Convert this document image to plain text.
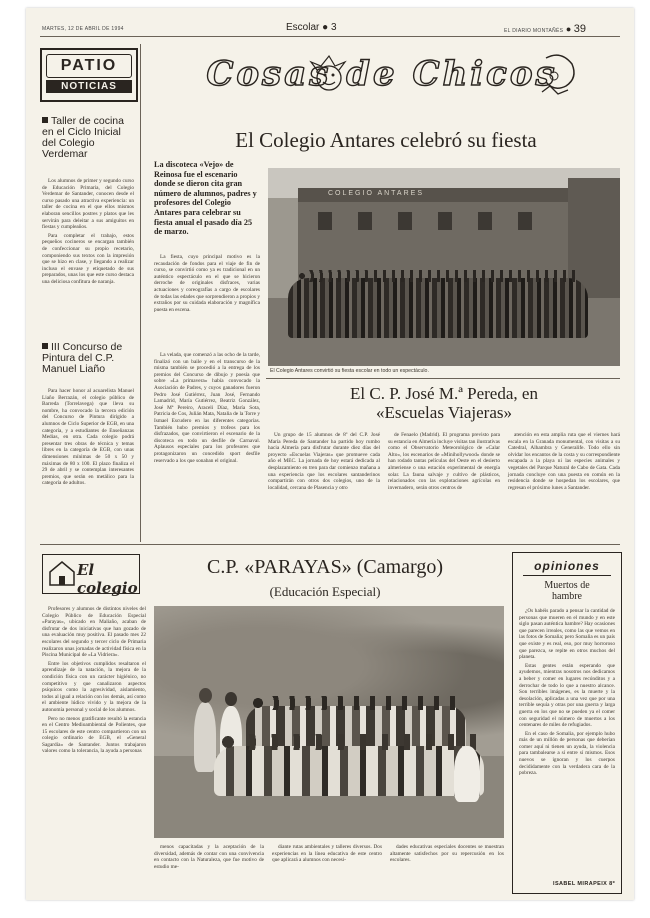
MARTES, 12 DE ABRIL DE 1994	Escolar ● 3	EL DIARIO MONTAÑÉS ● 39
PATIO
NOTICIAS
Taller de cocina en el Ciclo Inicial del Colegio Verdemar

Los alumnos de primer y segundo curso de Educación Primaria, del Colegio Verdemar de Santander, conocen desde el curso pasado una atractiva experiencia: un taller de cocina en el que ellos mismos elaboran sencillos postres y platos que les servirán para deleitar a sus amiguitos en fiestas y cumpleaños.

Para completar el trabajo, estos pequeños cocineros se encargan también de confeccionar su propio recetario, componiendo sus textos con la impresión que se hizo en clase, y llegando a realizar incluso el envase y etiquetado de sus preparados, unas los que este curso destaca una deliciosa confitura de naranja.

III Concurso de Pintura del C.P. Manuel Liaño

Para hacer honor al acuarelista Manuel Liaño Berrazán, el colegio público de Barreda (Torrelavega) que lleva su nombre, ha convocado la tercera edición del Concurso de Pintura dirigido a alumnos de Ciclo Superior de EGB, en una categoría, y a estudiantes de Enseñanzas Medias, en otra. Cada colegio podrá presentar tres obras de técnica y temas libres en la categoría de EGB, con unas dimensiones mínimas de 50 x 50 y máximas de 80 x 100. El plazo finaliza el 29 de abril y se contemplan interesantes premios, que serán en metálico para la categoría de adultos.

Cosas de Chicos
El Colegio Antares celebró su fiesta
La discoteca «Vejo» de Reinosa fue el escenario donde se dieron cita gran número de alumnos, padres y profesores del Colegio Antares para celebrar su fiesta anual el pasado día 25 de marzo.

La fiesta, cuyo principal motivo es la recaudación de fondos para el viaje de fin de curso, se convirtió como ya es tradicional en un auténtico espectáculo en el que se hicieron derroche de originales disfraces, varias actuaciones y coreografías a cargo de escolares de todas las edades que sorprendieron a propios y extraños por su cuidada elaboración y magnífica puesta en escena.

La velada, que comenzó a las ocho de la tarde, finalizó con un baile y en el transcurso de la misma también se procedió a la entrega de los premios del Concurso de dibujo y poesía que sobre «La primavera» había convocado la Asociación de Padres, y cuyos ganadores fueron Pedro José Gutiérrez, Juan José, Fernando Lamadrid, María Gutiérrez, Beatriz González, José Mª Pereiro, Araceli Díaz, María Sota, Patricia de Cos, Julián Mata, Natalia de la Torre y Ismael Escudero en las diferentes categorías. También hubo premios y trofeos para los disfrazados, que convirtieron el escenario de la discoteca en todo un desfile de Carnaval. Aplausos especiales para los profesores que protagonizaron un concedido sport desfile reservado a los que sonaban el original.

COLEGIO ANTARES
El Colegio Antares convirtió su fiesta escolar en todo un espectáculo.
El C. P. José M.ª Pereda, en
«Escuelas Viajeras»

Un grupo de 15 alumnos de 8º del C.P. José María Pereda de Santander ha partido hoy rumbo hacia Almería para disfrutar durante diez días del proyecto «Escuelas Viajeras» que promueve cada año el MEC. La jornada de hoy estará dedicada al desplazamiento en tren para dar comienzo mañana a una experiencia que los escolares santanderinos compartirán con otros dos colegios, uno de la localidad, cercana de Plasencia y otro

de Fenaelo (Madrid). El programa previsto para su estancia en Almería incluye visitas tan ilustrativas como el Observatorio Meteorológico de «Calar Alto», los escenarios de «Minihollywood» donde se han rodado tantas películas del Oeste en el desierto almeriense o una estación experimental de energía solar. La fauna salvaje y cultivo de plásticos, relacionados con las explotaciones agrícolas en invernadero, serán otros centros de

atención en esta amplia ruta que el viernes hará escala en la Granada monumental, con visitas a su Catedral, Alhambra y Generalife. Todo ello sin olvidar los encantos de la costa y su correspondiente escapada a la playa ni las especies animales y vegetales del Parque Natural de Cabo de Gata. Cada jornada concluye con una puesta en común en la residencia donde se hospedan los escolares, que regresan el próximo lunes a Santander.

El colegio
C.P. «PARAYAS» (Camargo)
(Educación Especial)

Profesores y alumnos de distintos niveles del Colegio Público de Educación Especial «Parayas», ubicado en Maliaño, acaban de disfrutar de dos iniciativas que han gozado de una evaluación muy positiva. El pasado mes 22 escolares del segundo y tercer ciclo de Primaria realizaron unas jornadas de actividad física en la Piscina Municipal de «La Vidriera».

Entre los objetivos cumplidos resaltaron el aprendizaje de la natación, la mejora de la condición física con un carácter higiénico, no competitivo y que canalizaron aspectos psíquicos como la agresividad, aislamiento, todos al igual a relación con los demás, así como el ambiente lúdico vivido y la mejora de la autonomía personal y social de los alumnos.

Pero no menos gratificante resultó la estancia en el Centro Medioambiental de Polientes, que 15 escolares de este centro compartieron con un colegio ordinario de EGB, el «General Sagardía» de Santander. Juntos trabajaron valores como la tolerancia, la ayuda a personas

menos capacitadas y la aceptación de la diversidad, además de contar con una convivencia en contacto con la Naturaleza, que fue motivo de estudio me-

diante rutas ambientales y talleres diversos. Dos experiencias en la línea educativa de este centro que aplicará a alumnos con necesi-

dades educativas especiales docentes se muestran altamente satisfechos por su repercusión en los escolares.

opiniones
Muertos de
hambre

¿Os habéis parado a pensar la cantidad de personas que mueren en el mundo y en este siglo pasan auténtica hambre? Hay ocasiones que parecen irreales, como las que vemos en las fotos de Somalia; pero Somalia es un país que existe y es real, eso, por muy horroroso que parezca, se repite en otros muchos del planeta.

Estas gentes están esperando que ayudemos, mientras nosotros nos dedicamos a beber y comer en lugares recónditos y a derrochar de todo lo que a nuestro alcance. Son terribles imágenes, es la muerte y la desolación, aplicadas a una vez que por una terrible sequía y otras por una guerra y larga guerra en los que no se pueden ya el comer con seguridad el número de muertos a los centenares de miles de refugiados.

En el caso de Somalia, por ejemplo hubo más de un millón de personas que deberían comer aquí ni tienen un ayuda, la violencia para tambalearse a sí entre sí mismos. Esos nuevos se ignoran y los cuerpos decididamente con la verdadera cara de la pobreza.

ISABEL MIRAPEIX 8º
